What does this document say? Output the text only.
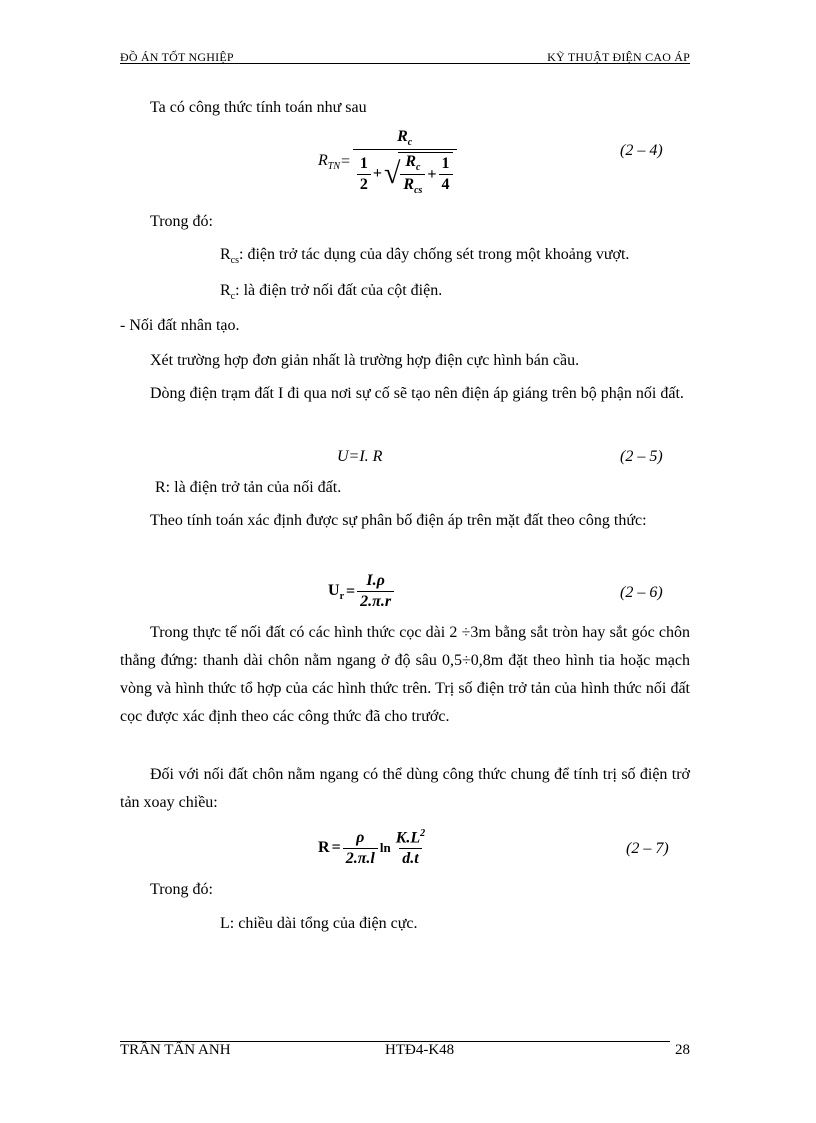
ĐỒ ÁN TỐT NGHIỆP	KỸ THUẬT ĐIỆN CAO ÁP
Ta có công thức tính toán như sau
$R_{TN} = \frac{R_c}{\frac{1}{2} + √ \frac{R_c}{R_{cs}} + \frac{1}{4}}$	(2 – 4)
Trong đó:
$R_{cs}$: điện trở tác dụng của dây chống sét trong một khoảng vượt.
$R_c$: là điện trở nối đất của cột điện.
- Nối đất nhân tạo.
Xét trường hợp đơn giản nhất là trường hợp điện cực hình bán cầu.
Dòng điện trạm đất I đi qua nơi sự cố sẽ tạo nên điện áp giáng trên bộ phận nối đất.
U=I. R	(2 – 5)
R: là điện trở tản của nối đất.
Theo tính toán xác định được sự phân bố điện áp trên mặt đất theo công thức:
$U_r = \frac{I.\rho}{2.\pi.r}$	(2 – 6)
Trong thực tế nối đất có các hình thức cọc dài 2 ÷3m bằng sắt tròn hay sắt góc chôn thẳng đứng: thanh dài chôn nằm ngang ở độ sâu 0,5÷0,8m đặt theo hình tia hoặc mạch vòng và hình thức tổ hợp của các hình thức trên. Trị số điện trở tản của hình thức nối đất cọc được xác định theo các công thức đã cho trước.
Đối với nối đất chôn nằm ngang có thể dùng công thức chung để tính trị số điện trở tản xoay chiều:
$R = \frac{\rho}{2.\pi.l}$ $\ln \frac{K.L^2}{d.t}$	(2 – 7)
Trong đó:
L: chiều dài tổng của điện cực.
TRẦN TẤN ANH	HTĐ4-K48	28
